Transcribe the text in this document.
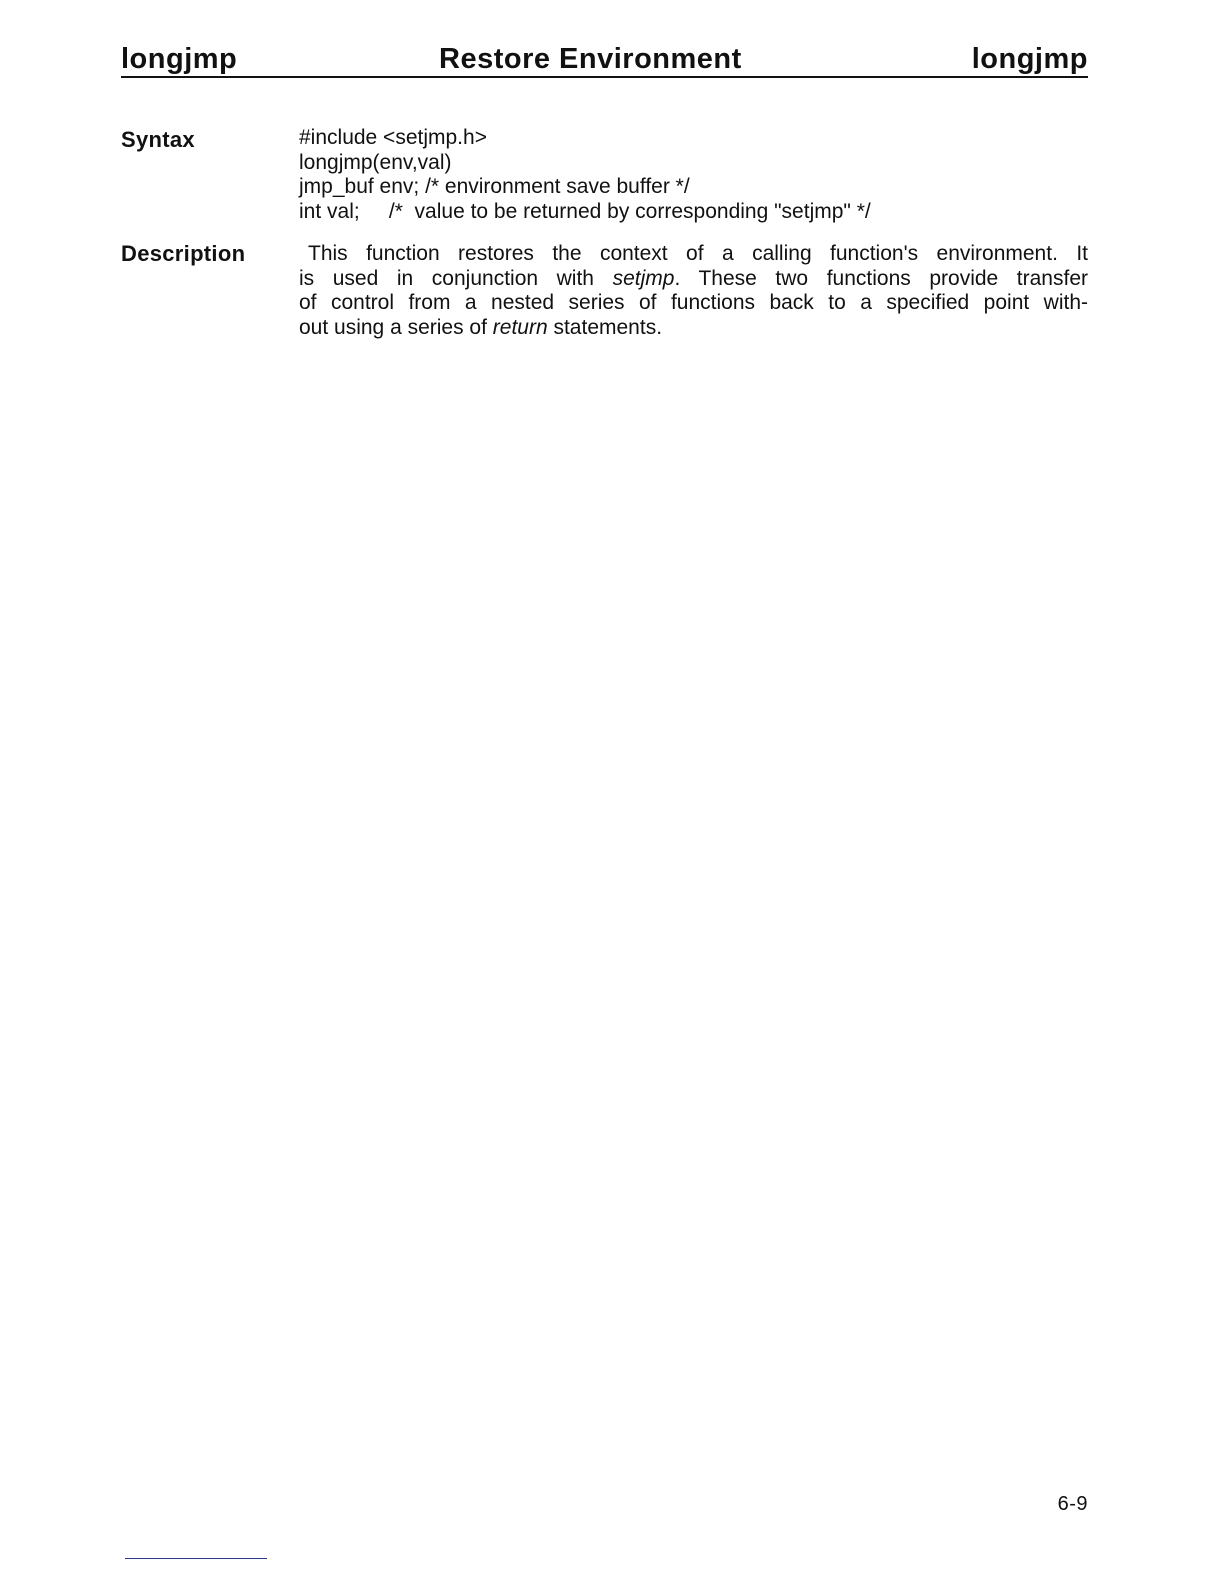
longjmp	Restore Environment	longjmp
Syntax	#include <setjmp.h>
longjmp(env,val)
jmp_buf env; /* environment save buffer */
int val;     /*  value to be returned by corresponding "setjmp" */
Description	This function restores the context of a calling function's environment. It
is used in conjunction with setjmp. These two functions provide transfer
of control from a nested series of functions back to a specified point with-
out using a series of return statements.
6-9
